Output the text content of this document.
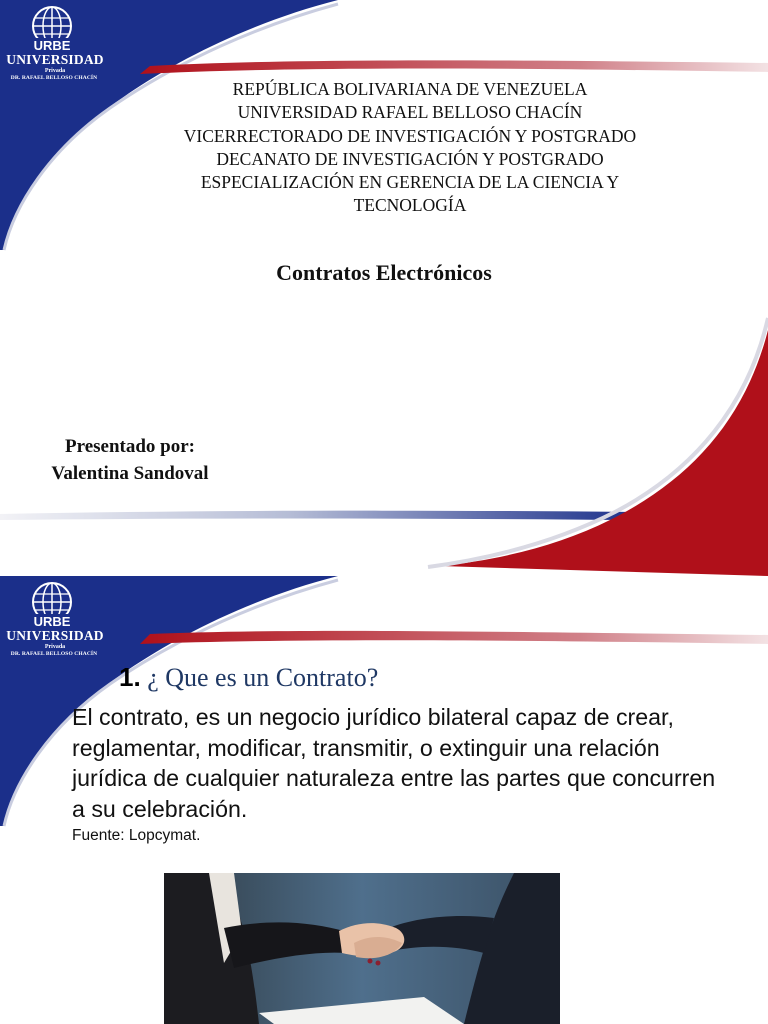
URBE
UNIVERSIDAD
Privada
DR. RAFAEL BELLOSO CHACÍN
REPÚBLICA BOLIVARIANA DE VENEZUELA
UNIVERSIDAD RAFAEL BELLOSO CHACÍN
VICERRECTORADO DE INVESTIGACIÓN Y POSTGRADO
DECANATO DE INVESTIGACIÓN Y POSTGRADO
ESPECIALIZACIÓN EN GERENCIA DE LA CIENCIA Y
TECNOLOGÍA
Contratos Electrónicos
Presentado por:
Valentina Sandoval
URBE
UNIVERSIDAD
Privada
DR. RAFAEL BELLOSO CHACÍN
1. ¿ Que es un Contrato?
El contrato, es un negocio jurídico bilateral capaz de crear, reglamentar, modificar, transmitir, o extinguir una relación jurídica de cualquier naturaleza entre las partes que concurren a su celebración.
Fuente: Lopcymat.
